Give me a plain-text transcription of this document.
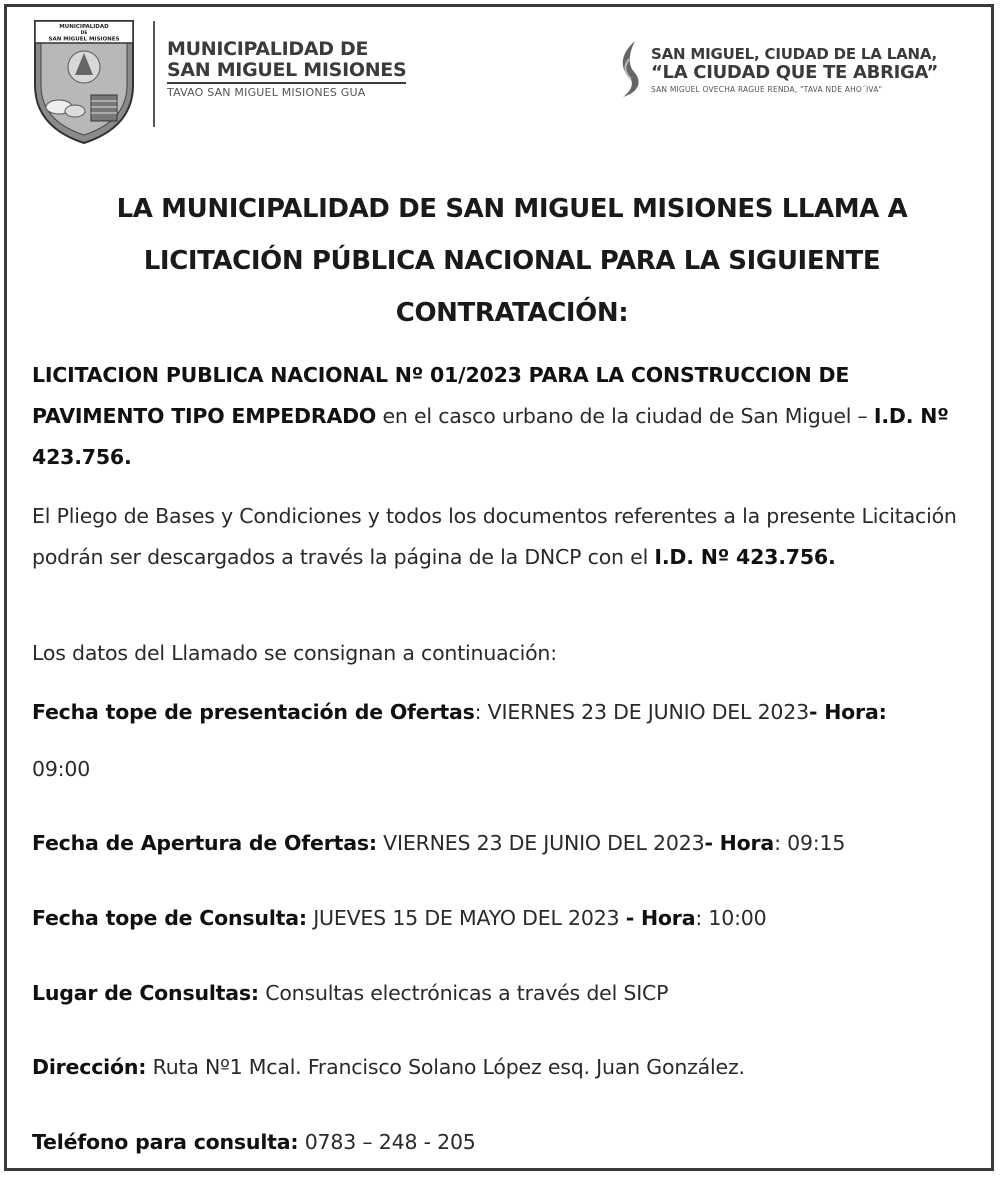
MUNICIPALIDAD
DE
SAN MIGUEL MISIONES	MUNICIPALIDAD DE
SAN MIGUEL MISIONES
TAVAO SAN MIGUEL MISIONES GUA
SAN MIGUEL, CIUDAD DE LA LANA,
“LA CIUDAD QUE TE ABRIGA”
SAN MIGUEL OVECHA RAGUE RENDA, "TAVA NDE AHO´IVA"
LA MUNICIPALIDAD DE SAN MIGUEL MISIONES LLAMA A
LICITACIÓN PÚBLICA NACIONAL PARA LA SIGUIENTE
CONTRATACIÓN:
LICITACION PUBLICA NACIONAL Nº 01/2023 PARA LA CONSTRUCCION DE PAVIMENTO TIPO EMPEDRADO en el casco urbano de la ciudad de San Miguel – I.D. Nº 423.756.
El Pliego de Bases y Condiciones y todos los documentos referentes a la presente Licitación podrán ser descargados a través la página de la DNCP con el I.D. Nº 423.756.
Los datos del Llamado se consignan a continuación:
Fecha tope de presentación de Ofertas: VIERNES 23 DE JUNIO DEL 2023- Hora:
09:00
Fecha de Apertura de Ofertas: VIERNES 23 DE JUNIO DEL 2023- Hora: 09:15
Fecha tope de Consulta: JUEVES 15 DE MAYO DEL 2023 - Hora: 10:00
Lugar de Consultas: Consultas electrónicas a través del SICP
Dirección: Ruta Nº1 Mcal. Francisco Solano López esq. Juan González.
Teléfono para consulta: 0783 – 248 - 205
